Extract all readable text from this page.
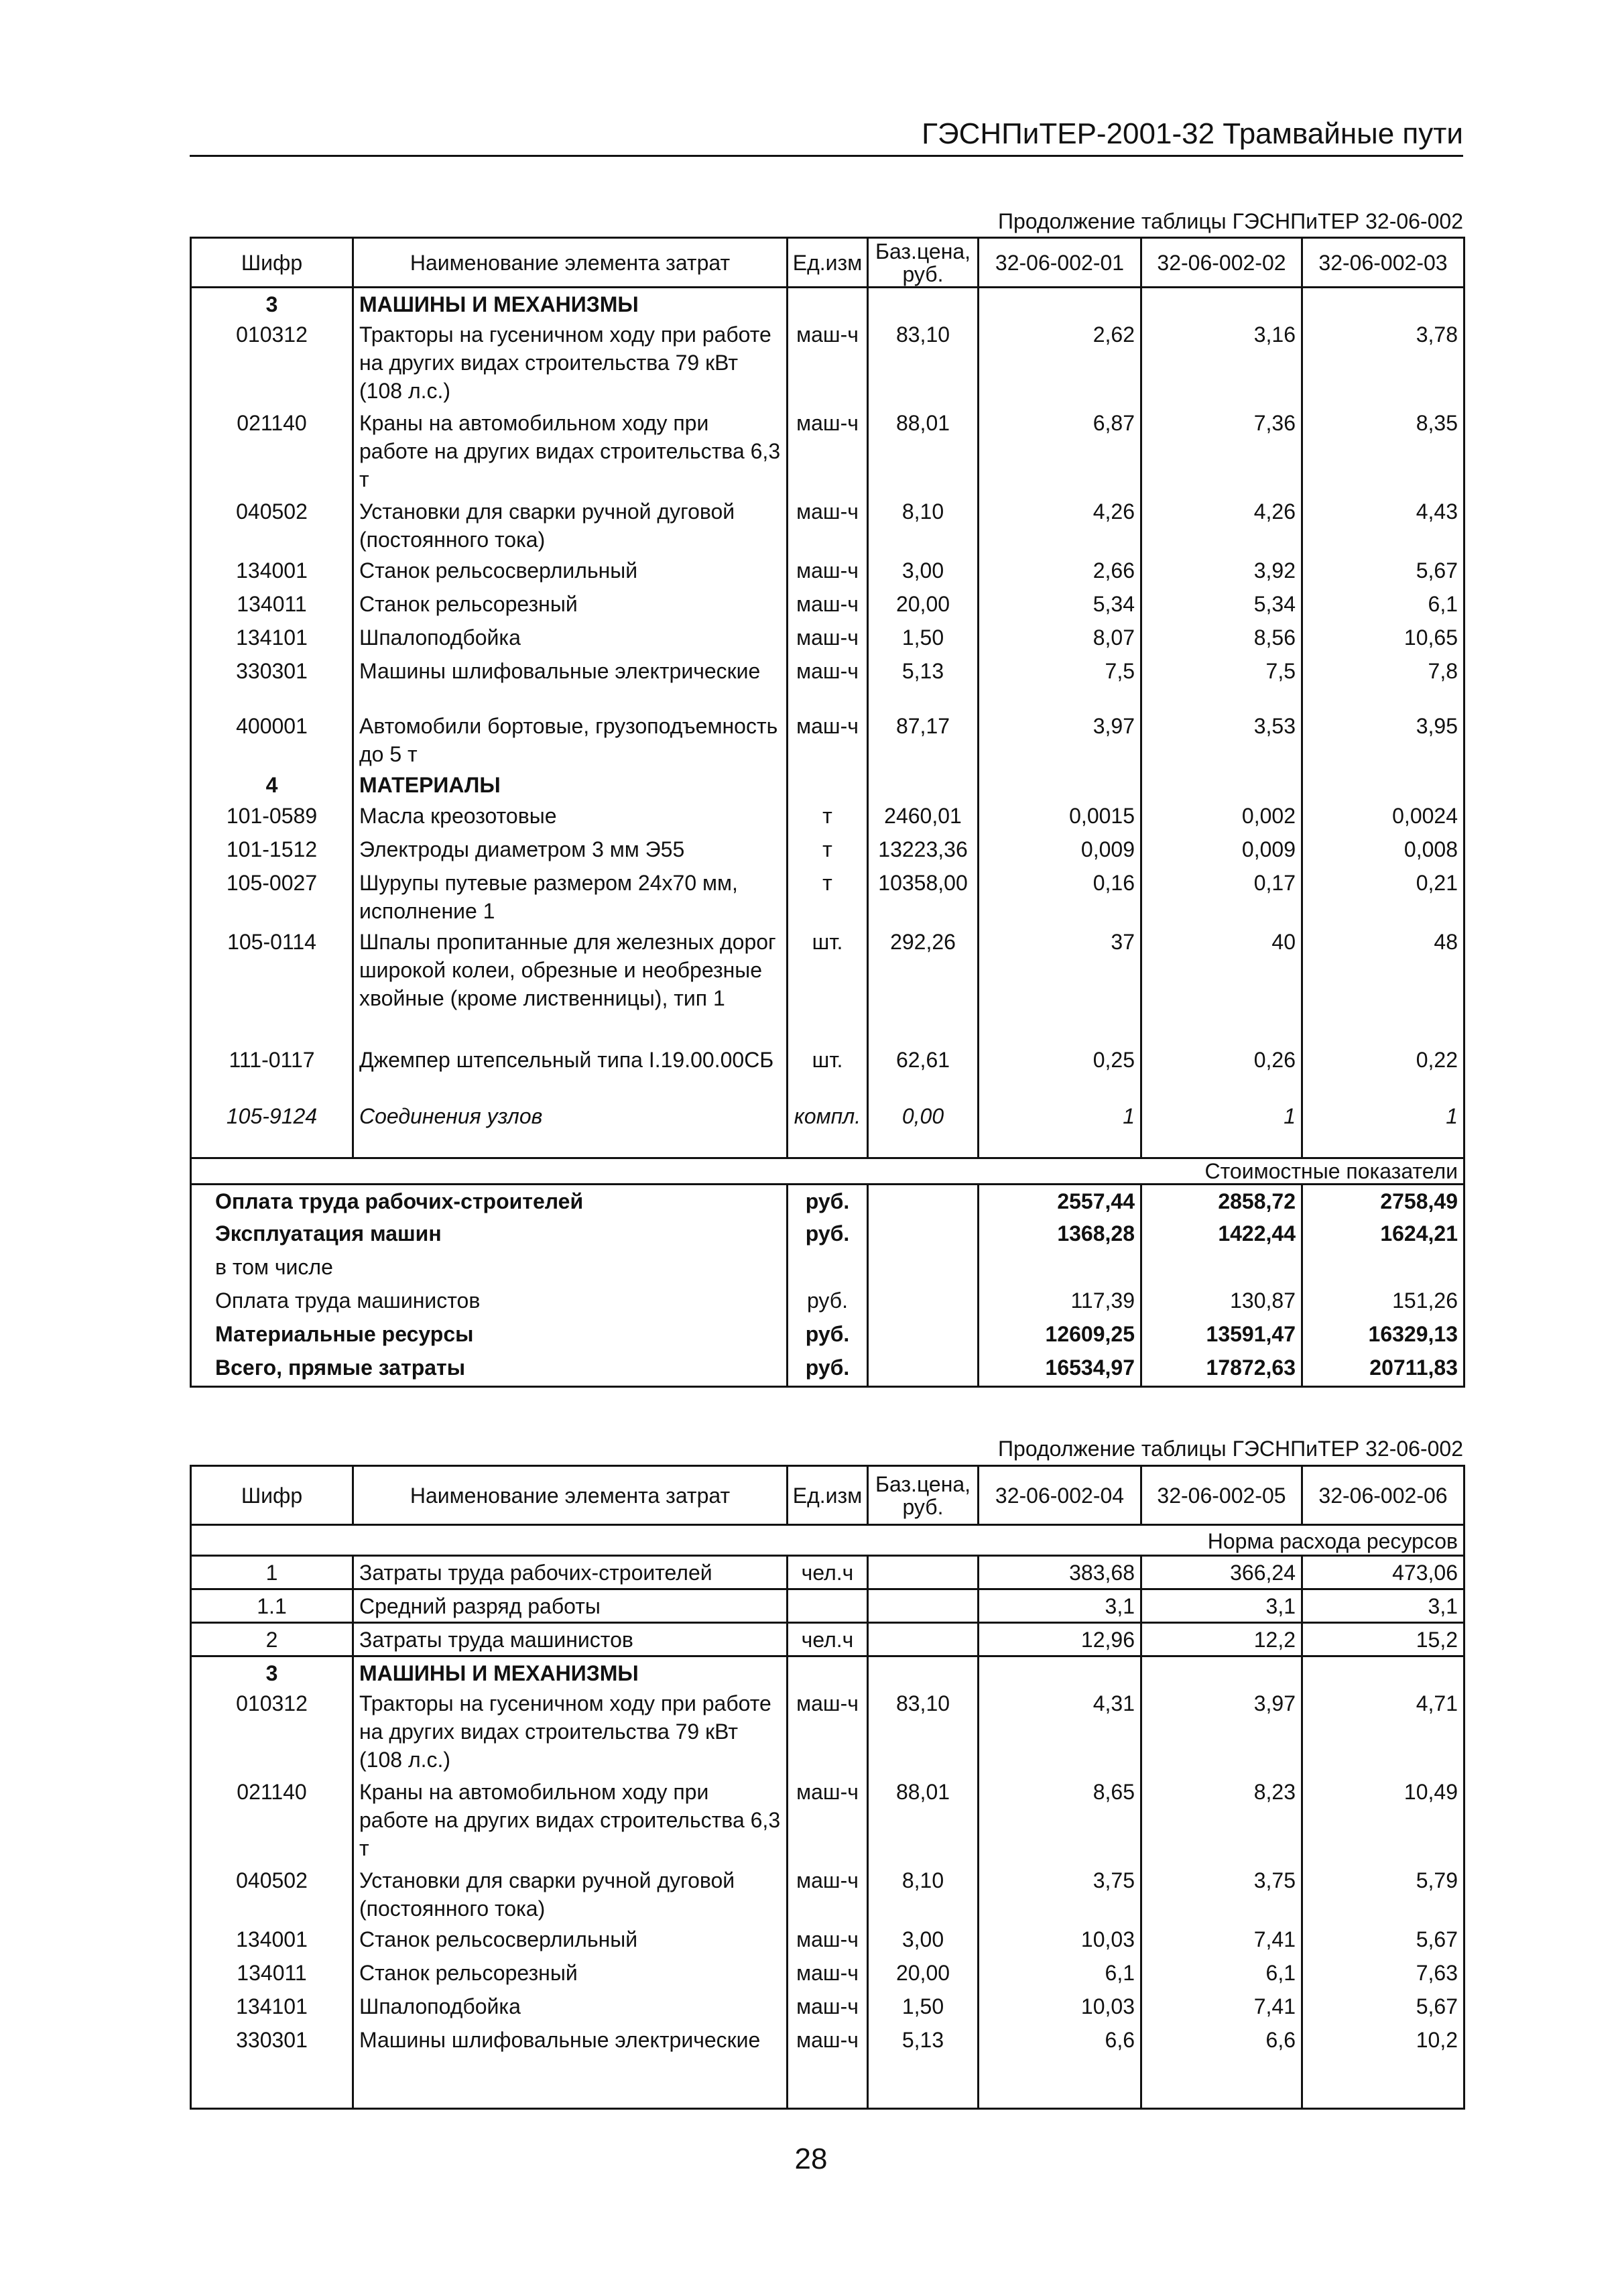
ГЭСНПиТЕР-2001-32 Трамвайные пути
Продолжение таблицы ГЭСНПиТЕР 32-06-002
Шифр	Наименование элемента затрат	Ед.изм	Баз.цена, руб.	32-06-002-01	32-06-002-02	32-06-002-03
3	МАШИНЫ И МЕХАНИЗМЫ					
010312	Тракторы на гусеничном ходу при работе на других видах строительства 79 кВт (108 л.с.)	маш-ч	83,10	2,62	3,16	3,78
021140	Краны на автомобильном ходу при работе на других видах строительства 6,3 т	маш-ч	88,01	6,87	7,36	8,35
040502	Установки для сварки ручной дуговой (постоянного тока)	маш-ч	8,10	4,26	4,26	4,43
134001	Станок рельсосверлильный	маш-ч	3,00	2,66	3,92	5,67
134011	Станок рельсорезный	маш-ч	20,00	5,34	5,34	6,1
134101	Шпалоподбойка	маш-ч	1,50	8,07	8,56	10,65
330301	Машины шлифовальные электрические	маш-ч	5,13	7,5	7,5	7,8
400001	Автомобили бортовые, грузоподъемность до 5 т	маш-ч	87,17	3,97	3,53	3,95
4	МАТЕРИАЛЫ					
101-0589	Масла креозотовые	т	2460,01	0,0015	0,002	0,0024
101-1512	Электроды диаметром 3 мм Э55	т	13223,36	0,009	0,009	0,008
105-0027	Шурупы путевые размером 24х70 мм, исполнение 1	т	10358,00	0,16	0,17	0,21
105-0114	Шпалы пропитанные для железных дорог широкой колеи, обрезные и необрезные хвойные (кроме лиственницы), тип 1	шт.	292,26	37	40	48
111-0117	Джемпер штепсельный типа I.19.00.00СБ	шт.	62,61	0,25	0,26	0,22
105-9124	Соединения узлов	компл.	0,00	1	1	1
Стоимостные показатели						
Оплата труда рабочих-строителей		руб.		2557,44	2858,72	2758,49
Эксплуатация машин		руб.		1368,28	1422,44	1624,21
в том числе						
Оплата труда машинистов		руб.		117,39	130,87	151,26
Материальные ресурсы		руб.		12609,25	13591,47	16329,13
Всего, прямые затраты		руб.		16534,97	17872,63	20711,83
Продолжение таблицы ГЭСНПиТЕР 32-06-002
Шифр	Наименование элемента затрат	Ед.изм	Баз.цена, руб.	32-06-002-04	32-06-002-05	32-06-002-06
Норма расхода ресурсов						
1	Затраты труда рабочих-строителей	чел.ч		383,68	366,24	473,06
1.1	Средний разряд работы			3,1	3,1	3,1
2	Затраты труда машинистов	чел.ч		12,96	12,2	15,2
3	МАШИНЫ И МЕХАНИЗМЫ					
010312	Тракторы на гусеничном ходу при работе на других видах строительства 79 кВт (108 л.с.)	маш-ч	83,10	4,31	3,97	4,71
021140	Краны на автомобильном ходу при работе на других видах строительства 6,3 т	маш-ч	88,01	8,65	8,23	10,49
040502	Установки для сварки ручной дуговой (постоянного тока)	маш-ч	8,10	3,75	3,75	5,79
134001	Станок рельсосверлильный	маш-ч	3,00	10,03	7,41	5,67
134011	Станок рельсорезный	маш-ч	20,00	6,1	6,1	7,63
134101	Шпалоподбойка	маш-ч	1,50	10,03	7,41	5,67
330301	Машины шлифовальные электрические	маш-ч	5,13	6,6	6,6	10,2
28
